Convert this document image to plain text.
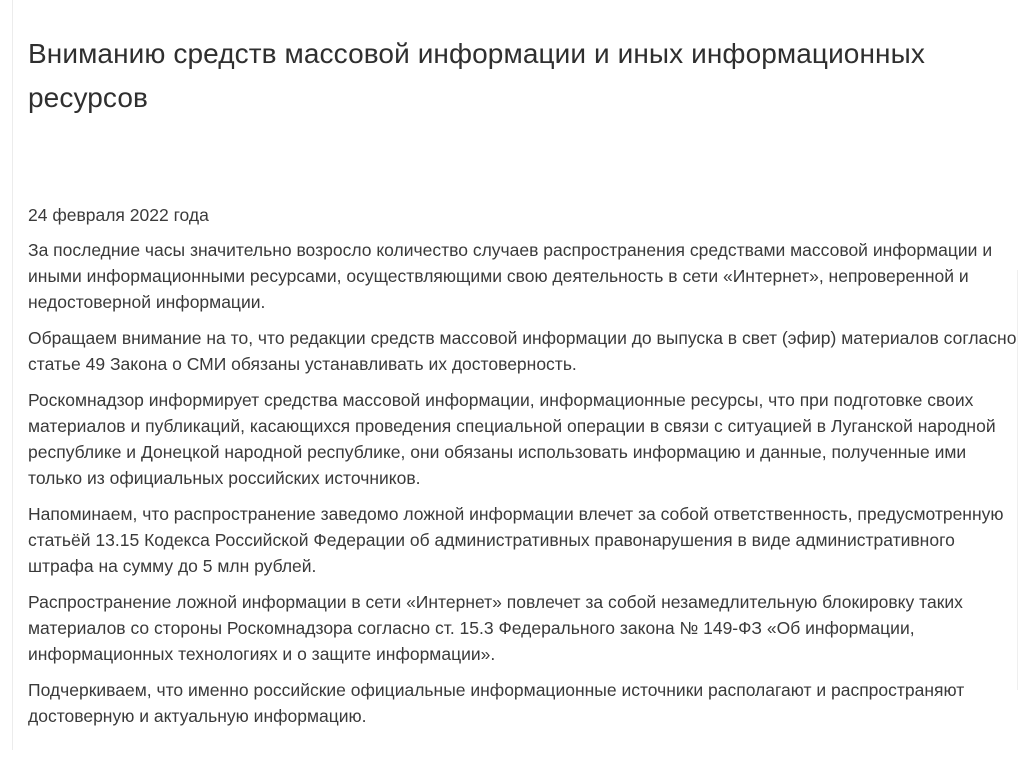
Вниманию средств массовой информации и иных информационных ресурсов
24 февраля 2022 года

За последние часы значительно возросло количество случаев распространения средствами массовой информации и иными информационными ресурсами, осуществляющими свою деятельность в сети «Интернет», непроверенной и недостоверной информации.

Обращаем внимание на то, что редакции средств массовой информации до выпуска в свет (эфир) материалов согласно статье 49 Закона о СМИ обязаны устанавливать их достоверность.

Роскомнадзор информирует средства массовой информации, информационные ресурсы, что при подготовке своих материалов и публикаций, касающихся проведения специальной операции в связи с ситуацией в Луганской народной республике и Донецкой народной республике, они обязаны использовать информацию и данные, полученные ими только из официальных российских источников.

Напоминаем, что распространение заведомо ложной информации влечет за собой ответственность, предусмотренную статьёй 13.15 Кодекса Российской Федерации об административных правонарушения в виде административного штрафа на сумму до 5 млн рублей.

Распространение ложной информации в сети «Интернет» повлечет за собой незамедлительную блокировку таких материалов со стороны Роскомнадзора согласно ст. 15.3 Федерального закона № 149-ФЗ «Об информации, информационных технологиях и о защите информации».

Подчеркиваем, что именно российские официальные информационные источники располагают и распространяют достоверную и актуальную информацию.
